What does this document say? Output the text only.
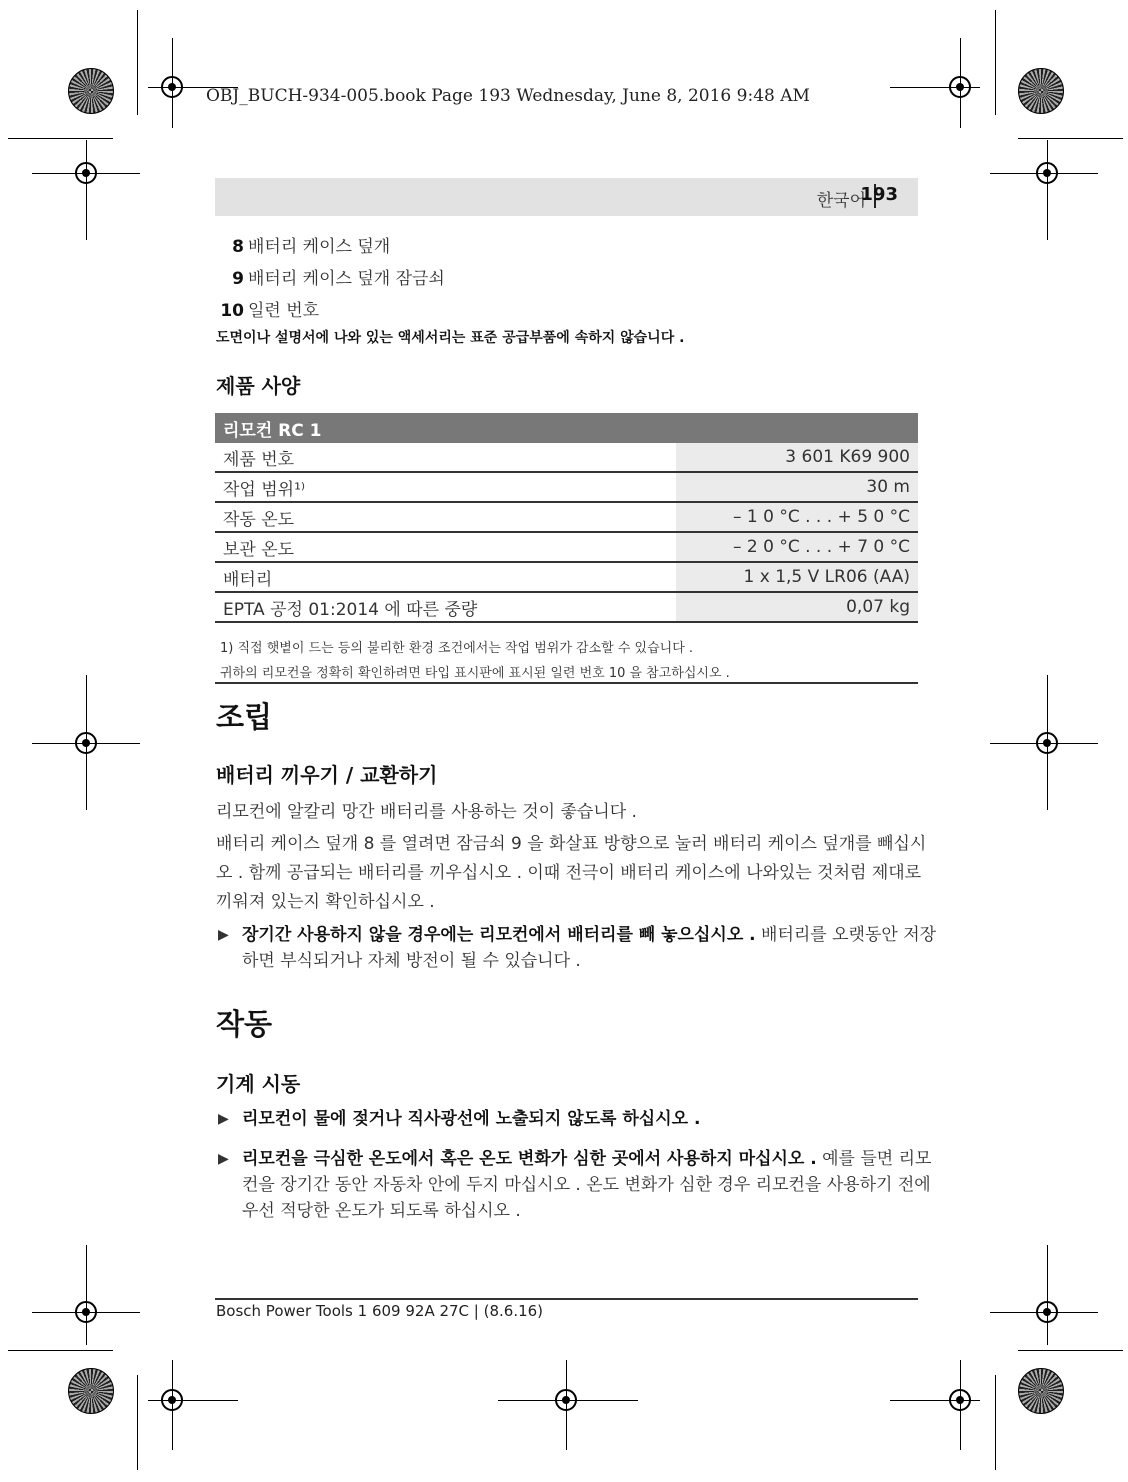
OBJ_BUCH-934-005.book Page 193 Wednesday, June 8, 2016 9:48 AM
한국어
193
8 배터리 케이스 덮개
9 배터리 케이스 덮개 잠금쇠
10 일련 번호
도면이나 설명서에 나와 있는 액세서리는 표준 공급부품에 속하지 않습니다 .
제품 사양
리모컨 RC 1	
제품 번호	3 601 K69 900
작업 범위¹⁾	30 m
작동 온도	– 1 0 °C . . . + 5 0 °C
보관 온도	– 2 0 °C . . . + 7 0 °C
배터리	1 x 1,5 V LR06 (AA)
EPTA 공정 01:2014 에 따른 중량	0,07 kg
1) 직접 햇볕이 드는 등의 불리한 환경 조건에서는 작업 범위가 감소할 수 있습니다 .
귀하의 리모컨을 정확히 확인하려면 타입 표시판에 표시된 일련 번호 10 을 참고하십시오 .
조립
배터리 끼우기 / 교환하기
리모컨에 알칼리 망간 배터리를 사용하는 것이 좋습니다 .
배터리 케이스 덮개 8 를 열려면 잠금쇠 9 을 화살표 방향으로 눌러 배터리 케이스 덮개를 빼십시오 . 함께 공급되는 배터리를 끼우십시오 . 이때 전극이 배터리 케이스에 나와있는 것처럼 제대로 끼워져 있는지 확인하십시오 .
▶ 장기간 사용하지 않을 경우에는 리모컨에서 배터리를 빼 놓으십시오 . 배터리를 오랫동안 저장하면 부식되거나 자체 방전이 될 수 있습니다 .
작동
기계 시동
▶ 리모컨이 물에 젖거나 직사광선에 노출되지 않도록 하십시오 .
▶ 리모컨을 극심한 온도에서 혹은 온도 변화가 심한 곳에서 사용하지 마십시오 . 예를 들면 리모컨을 장기간 동안 자동차 안에 두지 마십시오 . 온도 변화가 심한 경우 리모컨을 사용하기 전에 우선 적당한 온도가 되도록 하십시오 .
Bosch Power Tools 1 609 92A 27C | (8.6.16)
